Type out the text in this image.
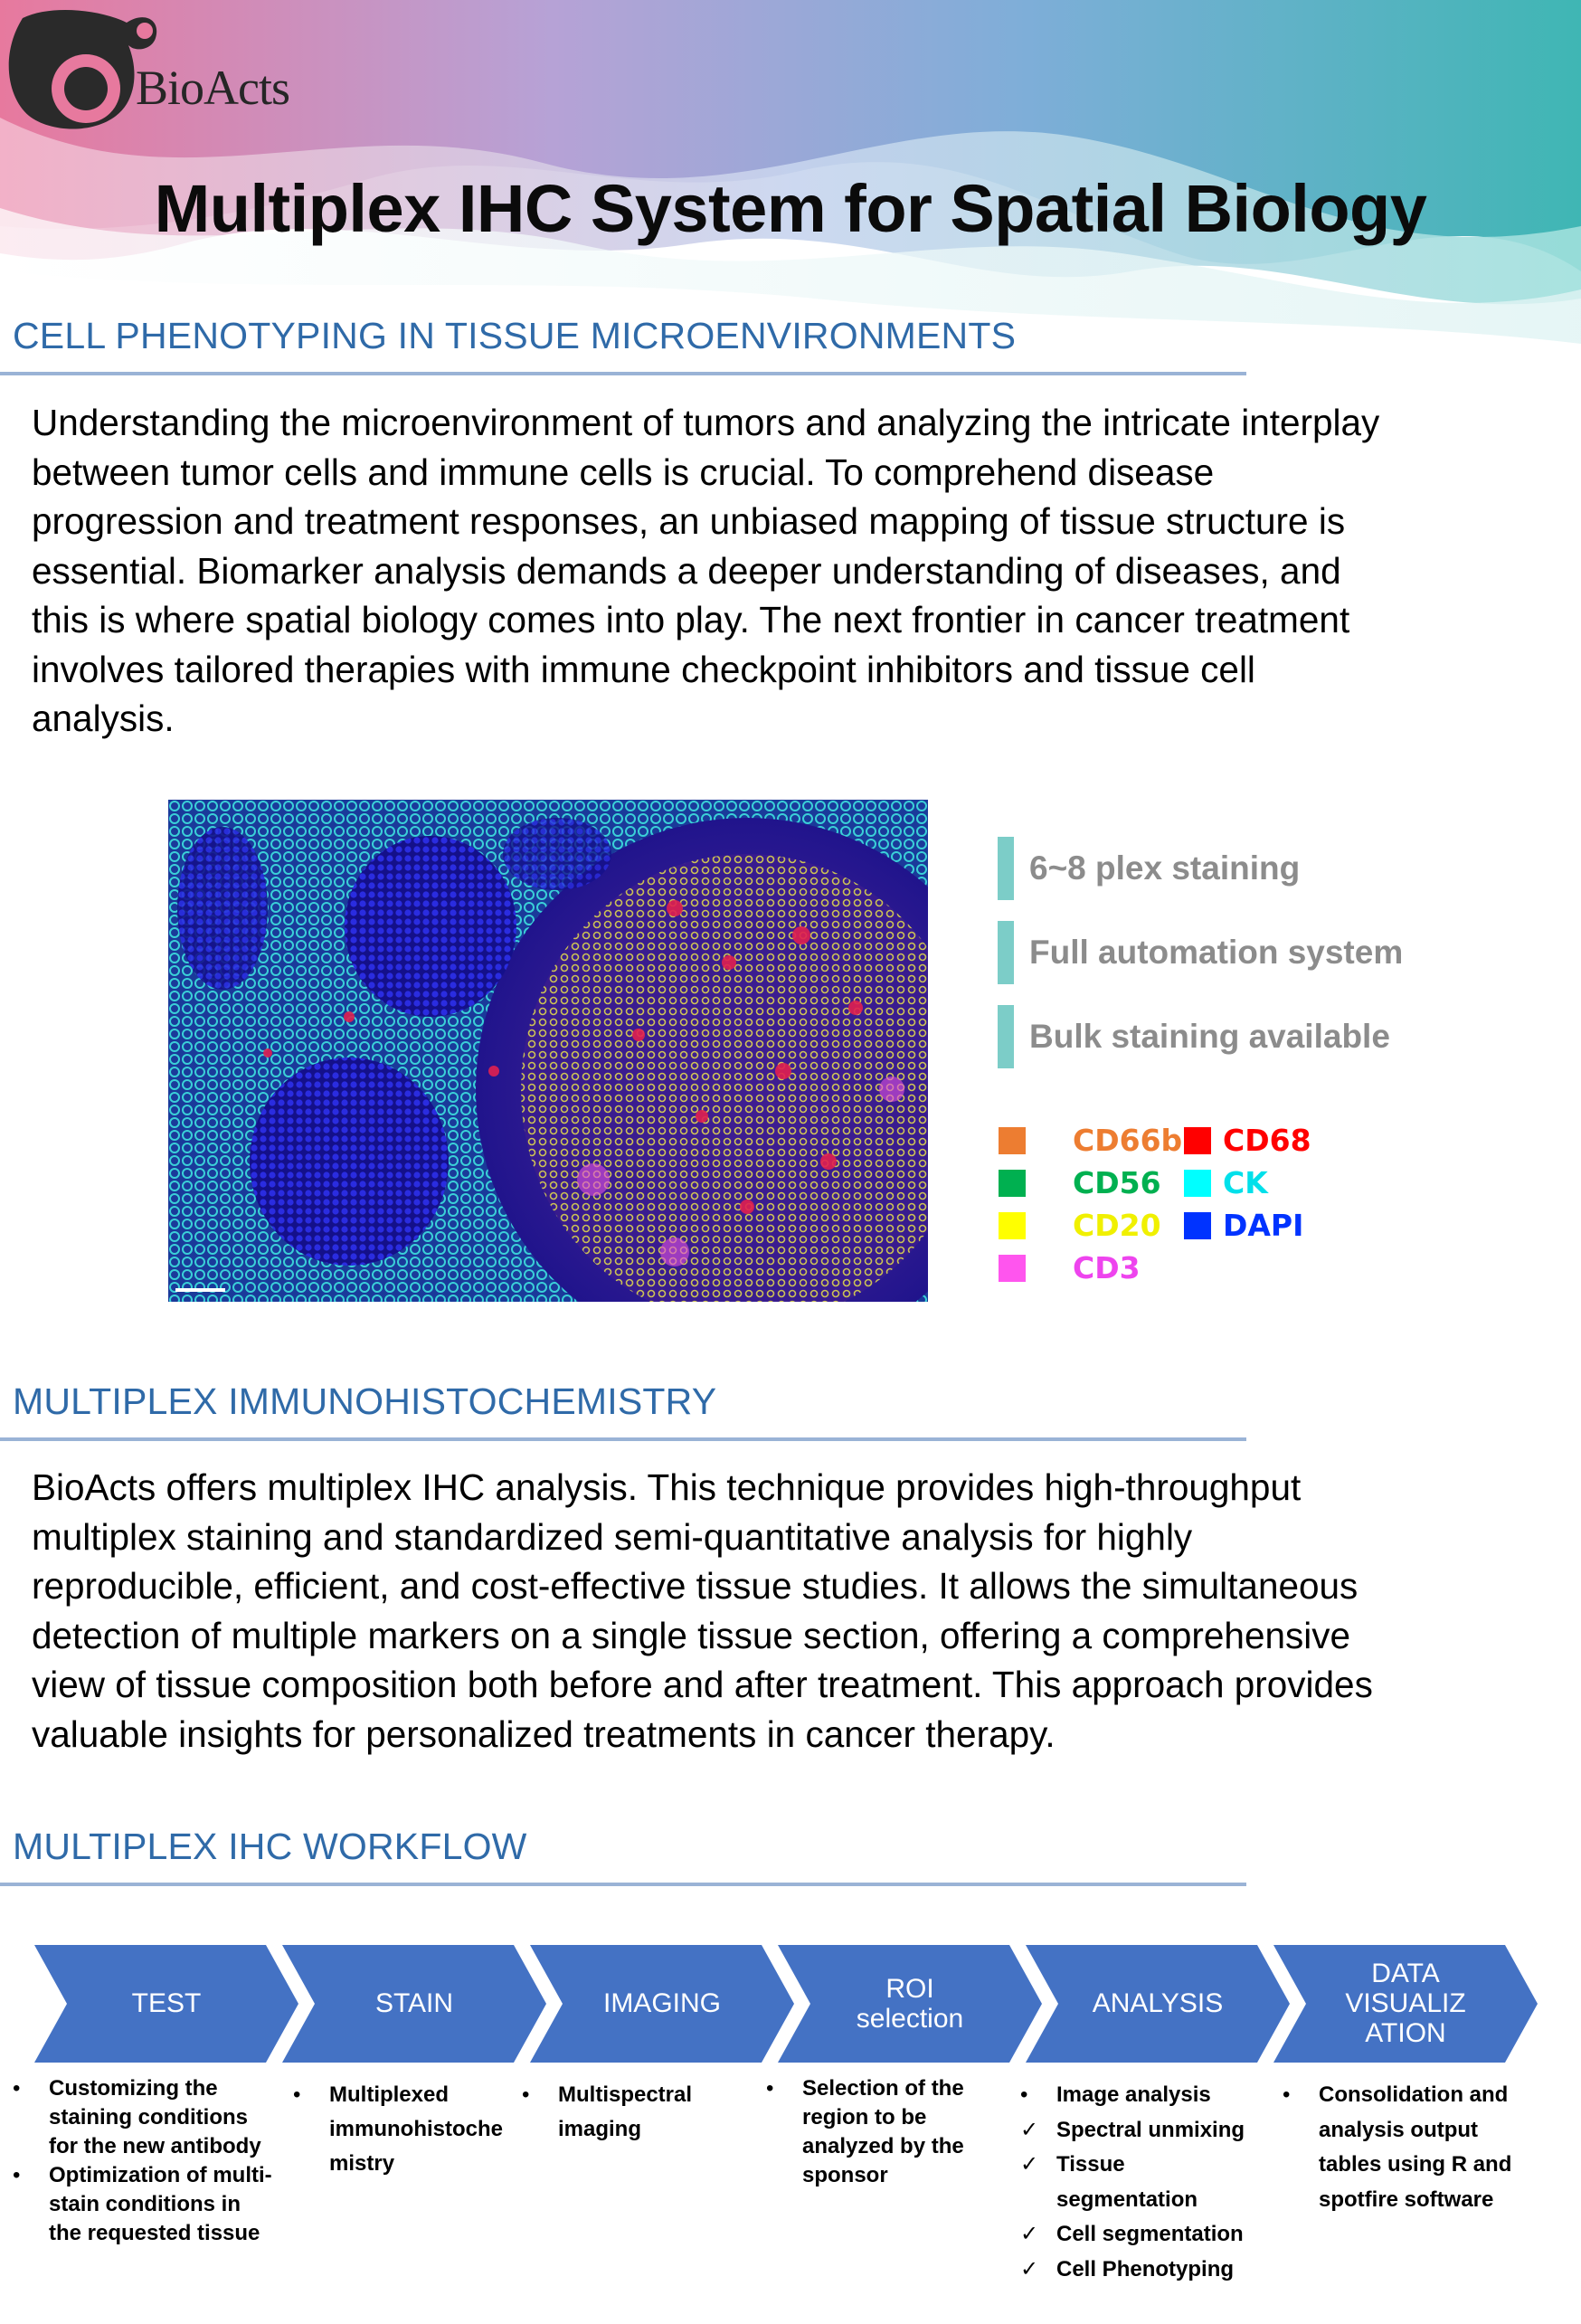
BioActs
Multiplex IHC System for Spatial Biology
CELL PHENOTYPING IN TISSUE MICROENVIRONMENTS
Understanding the microenvironment of tumors and analyzing the intricate interplay
between tumor cells and immune cells is crucial. To comprehend disease
progression and treatment responses, an unbiased mapping of tissue structure is
essential. Biomarker analysis demands a deeper understanding of diseases, and
this is where spatial biology comes into play. The next frontier in cancer treatment
involves tailored therapies with immune checkpoint inhibitors and tissue cell
analysis.
6~8 plex staining
Full automation system
Bulk staining available
CD66b CD68
CD56 CK
CD20 DAPI
CD3
MULTIPLEX IMMUNOHISTOCHEMISTRY
BioActs offers multiplex IHC analysis. This technique provides high-throughput
multiplex staining and standardized semi-quantitative analysis for highly
reproducible, efficient, and cost-effective tissue studies. It allows the simultaneous
detection of multiple markers on a single tissue section, offering a comprehensive
view of tissue composition both before and after treatment. This approach provides
valuable insights for personalized treatments in cancer therapy.
MULTIPLEX IHC WORKFLOW
TEST	STAIN	IMAGING	ROI
selection
ANALYSIS
DATA
VISUALIZ
ATION
• Customizing the
staining conditions
for the new antibody
• Optimization of multi-
stain conditions in
the requested tissue
• Multiplexed
immunohistoche
mistry
• Multispectral
imaging
• Selection of the
region to be
analyzed by the
sponsor
• Image analysis
✓ Spectral unmixing
✓ Tissue
segmentation
✓ Cell segmentation
✓ Cell Phenotyping
• Consolidation and
analysis output
tables using R and
spotfire software
